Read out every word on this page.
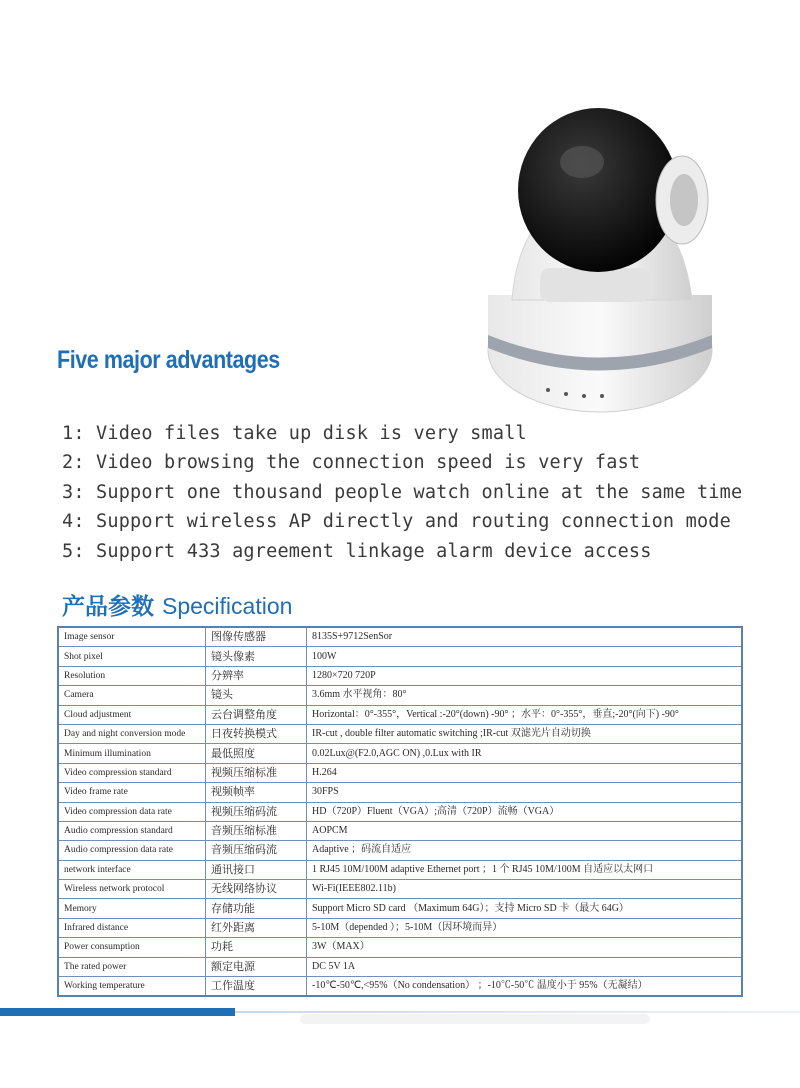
Five major advantages
1: Video files take up disk is very small
2: Video browsing the connection speed is very fast
3: Support one thousand people watch online at the same time
4: Support wireless AP directly and routing connection mode
5: Support 433 agreement linkage alarm device access
产品参数 Specification
Image sensor	图像传感器	8135S+9712SenSor
Shot pixel	镜头像素	100W
Resolution	分辨率	1280×720 720P
Camera	镜头	3.6mm 水平视角：80°
Cloud adjustment	云台调整角度	Horizontal：0°-355°，Vertical :-20°(down) -90° ；水平：0°-355°，垂直;-20°(向下) -90°
Day and night conversion mode	日夜转换模式	IR-cut , double filter automatic switching ;IR-cut 双滤光片自动切换
Minimum illumination	最低照度	0.02Lux@(F2.0,AGC ON) ,0.Lux with IR
Video compression standard	视频压缩标准	H.264
Video frame rate	视频帧率	30FPS
Video compression data rate	视频压缩码流	HD（720P）Fluent（VGA）;高清（720P）流畅（VGA）
Audio compression standard	音频压缩标准	AOPCM
Audio compression data rate	音频压缩码流	Adaptive ；码流自适应
network interface	通讯接口	1 RJ45 10M/100M adaptive Ethernet port ；1 个 RJ45 10M/100M 自适应以太网口
Wireless network protocol	无线网络协议	Wi-Fi(IEEE802.11b)
Memory	存储功能	Support Micro SD card （Maximum 64G）；支持 Micro SD 卡（最大 64G）
Infrared distance	红外距离	5-10M（depended ）；5-10M（因环境而异）
Power consumption	功耗	3W（MAX）
The rated power	额定电源	DC 5V 1A
Working temperature	工作温度	-10℃-50℃,<95%（No condensation） ；-10℃-50℃ 温度小于 95%（无凝结）
